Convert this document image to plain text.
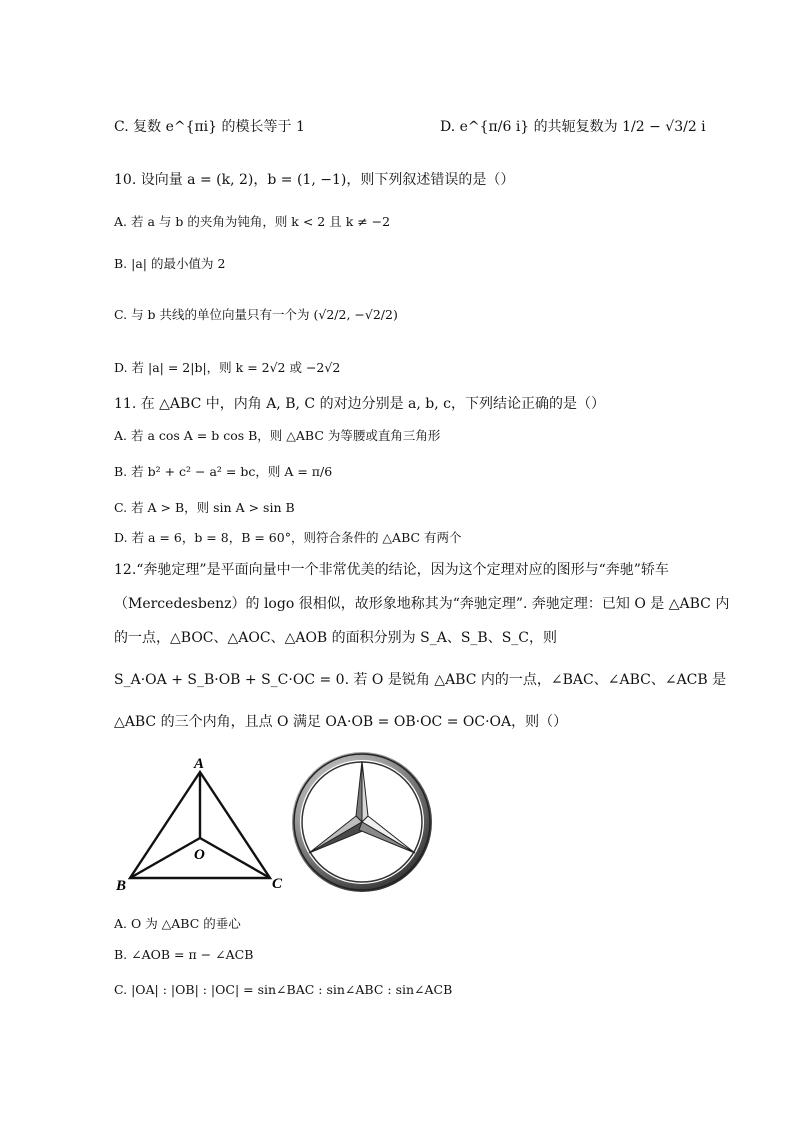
C. 复数 e^{πi} 的模长等于 1	D. e^{π/6 i} 的共轭复数为 1/2 − √3/2 i
10. 设向量 a = (k, 2)，b = (1, −1)，则下列叙述错误的是（）
A. 若 a 与 b 的夹角为钝角，则 k < 2 且 k ≠ −2
B. |a| 的最小值为 2
C. 与 b 共线的单位向量只有一个为 (√2/2, −√2/2)
D. 若 |a| = 2|b|，则 k = 2√2 或 −2√2
11. 在 △ABC 中，内角 A, B, C 的对边分别是 a, b, c，下列结论正确的是（）
A. 若 a cos A = b cos B，则 △ABC 为等腰或直角三角形
B. 若 b² + c² − a² = bc，则 A = π/6
C. 若 A > B，则 sin A > sin B
D. 若 a = 6，b = 8，B = 60°，则符合条件的 △ABC 有两个
12.“奔驰定理”是平面向量中一个非常优美的结论，因为这个定理对应的图形与“奔驰”轿车
（Mercedesbenz）的 logo 很相似，故形象地称其为“奔驰定理”. 奔驰定理：已知 O 是 △ABC 内
的一点，△BOC、△AOC、△AOB 的面积分别为 S_A、S_B、S_C，则
S_A·OA + S_B·OB + S_C·OC = 0. 若 O 是锐角 △ABC 内的一点，∠BAC、∠ABC、∠ACB 是
△ABC 的三个内角，且点 O 满足 OA·OB = OB·OC = OC·OA，则（）
A
B	C
O
A. O 为 △ABC 的垂心
B. ∠AOB = π − ∠ACB
C. |OA| : |OB| : |OC| = sin∠BAC : sin∠ABC : sin∠ACB
